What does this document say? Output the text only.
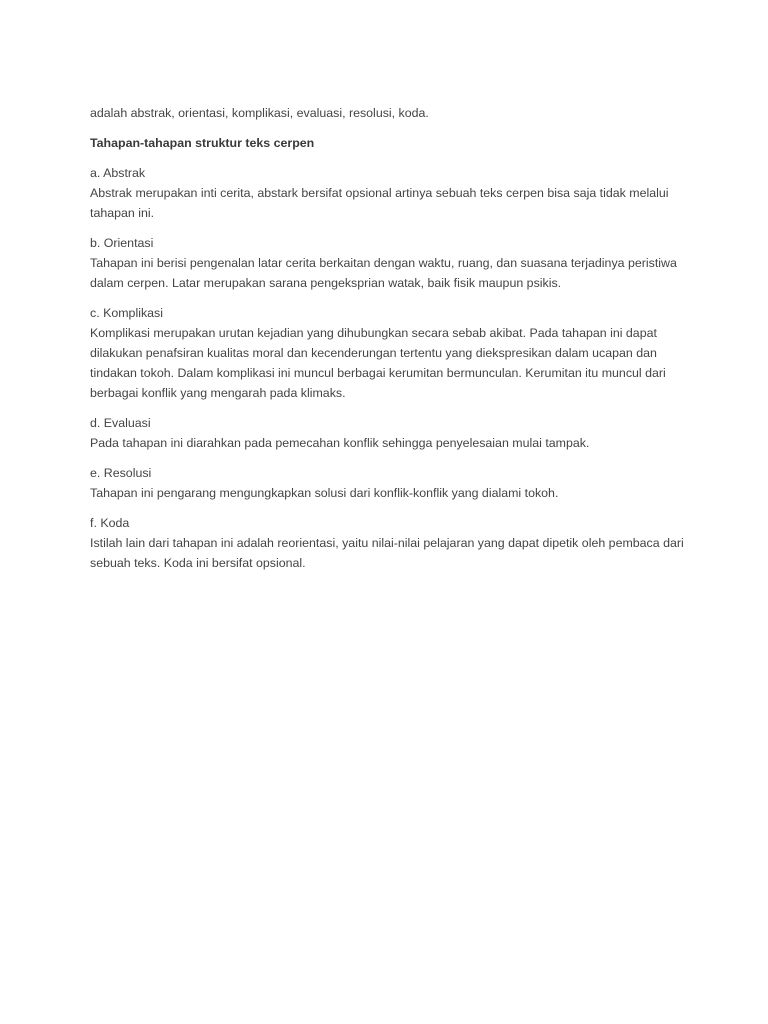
adalah abstrak, orientasi, komplikasi, evaluasi, resolusi, koda.

Tahapan-tahapan struktur teks cerpen

a. Abstrak
Abstrak merupakan inti cerita, abstark bersifat opsional artinya sebuah teks cerpen bisa saja tidak melalui tahapan ini.
b. Orientasi
Tahapan ini berisi pengenalan latar cerita berkaitan dengan waktu, ruang, dan suasana terjadinya peristiwa dalam cerpen. Latar merupakan sarana pengeksprian watak, baik fisik maupun psikis.
c. Komplikasi
Komplikasi merupakan urutan kejadian yang dihubungkan secara sebab akibat. Pada tahapan ini dapat dilakukan penafsiran kualitas moral dan kecenderungan tertentu yang diekspresikan dalam ucapan dan tindakan tokoh. Dalam komplikasi ini muncul berbagai kerumitan bermunculan. Kerumitan itu muncul dari berbagai konflik yang mengarah pada klimaks.
d. Evaluasi
Pada tahapan ini diarahkan pada pemecahan konflik sehingga penyelesaian mulai tampak.
e. Resolusi
Tahapan ini pengarang mengungkapkan solusi dari konflik-konflik yang dialami tokoh.
f. Koda
Istilah lain dari tahapan ini adalah reorientasi, yaitu nilai-nilai pelajaran yang dapat dipetik oleh pembaca dari sebuah teks. Koda ini bersifat opsional.
